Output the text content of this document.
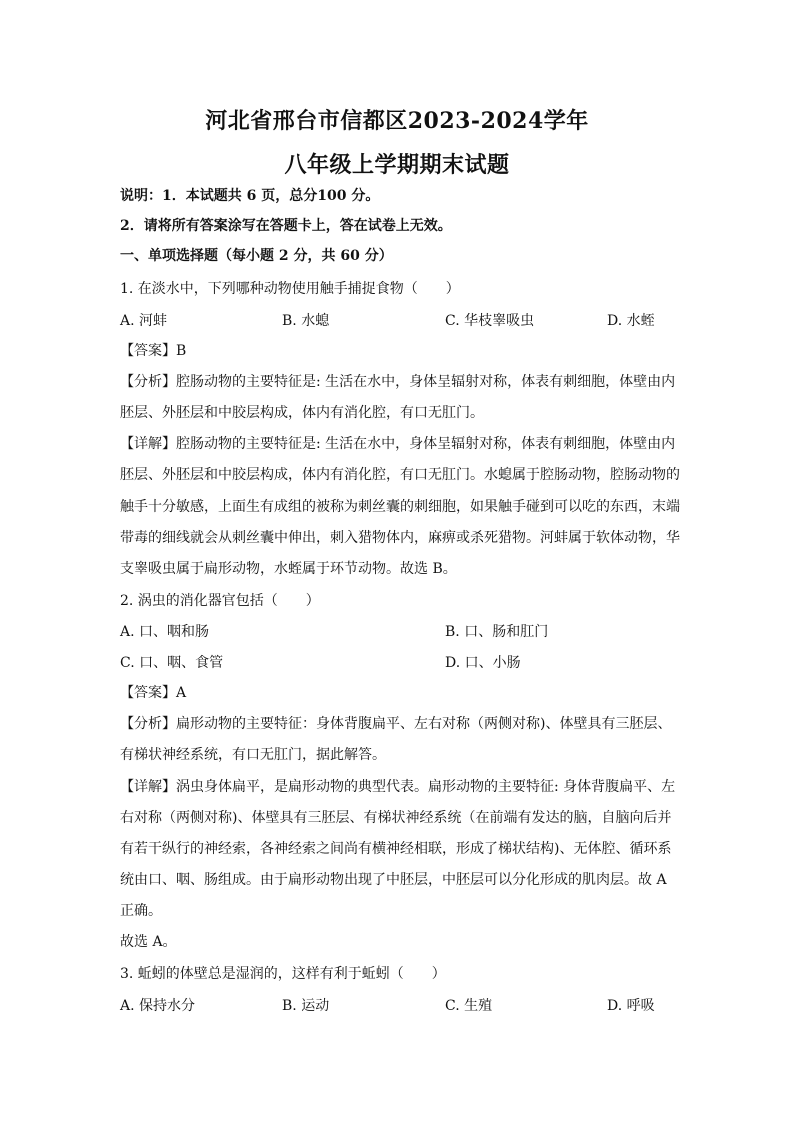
河北省邢台市信都区2023-2024学年
八年级上学期期末试题
说明：1．本试题共 6 页，总分100 分。
2．请将所有答案涂写在答题卡上，答在试卷上无效。
一、单项选择题（每小题 2 分，共 60 分）
1. 在淡水中，下列哪种动物使用触手捕捉食物（　　）
A. 河蚌	B. 水螅	C. 华枝睾吸虫	D. 水蛭
【答案】B
【分析】腔肠动物的主要特征是: 生活在水中，身体呈辐射对称，体表有刺细胞，体壁由内
胚层、外胚层和中胶层构成，体内有消化腔，有口无肛门。
【详解】腔肠动物的主要特征是: 生活在水中，身体呈辐射对称，体表有刺细胞，体壁由内
胚层、外胚层和中胶层构成，体内有消化腔，有口无肛门。水螅属于腔肠动物，腔肠动物的
触手十分敏感，上面生有成组的被称为刺丝囊的刺细胞，如果触手碰到可以吃的东西，末端
带毒的细线就会从刺丝囊中伸出，刺入猎物体内，麻痹或杀死猎物。河蚌属于软体动物，华
支睾吸虫属于扁形动物，水蛭属于环节动物。故选 B。
2. 涡虫的消化器官包括（　　）
A. 口、咽和肠	B. 口、肠和肛门
C. 口、咽、食管	D. 口、小肠
【答案】A
【分析】扁形动物的主要特征：身体背腹扁平、左右对称（两侧对称)、体壁具有三胚层、
有梯状神经系统，有口无肛门，据此解答。
【详解】涡虫身体扁平，是扁形动物的典型代表。扁形动物的主要特征: 身体背腹扁平、左
右对称（两侧对称)、体壁具有三胚层、有梯状神经系统（在前端有发达的脑，自脑向后并
有若干纵行的神经索，各神经索之间尚有横神经相联，形成了梯状结构)、无体腔、循环系
统由口、咽、肠组成。由于扁形动物出现了中胚层，中胚层可以分化形成的肌肉层。故 A
正确。
故选 A。
3. 蚯蚓的体壁总是湿润的，这样有利于蚯蚓（　　）
A. 保持水分	B. 运动	C. 生殖	D. 呼吸
